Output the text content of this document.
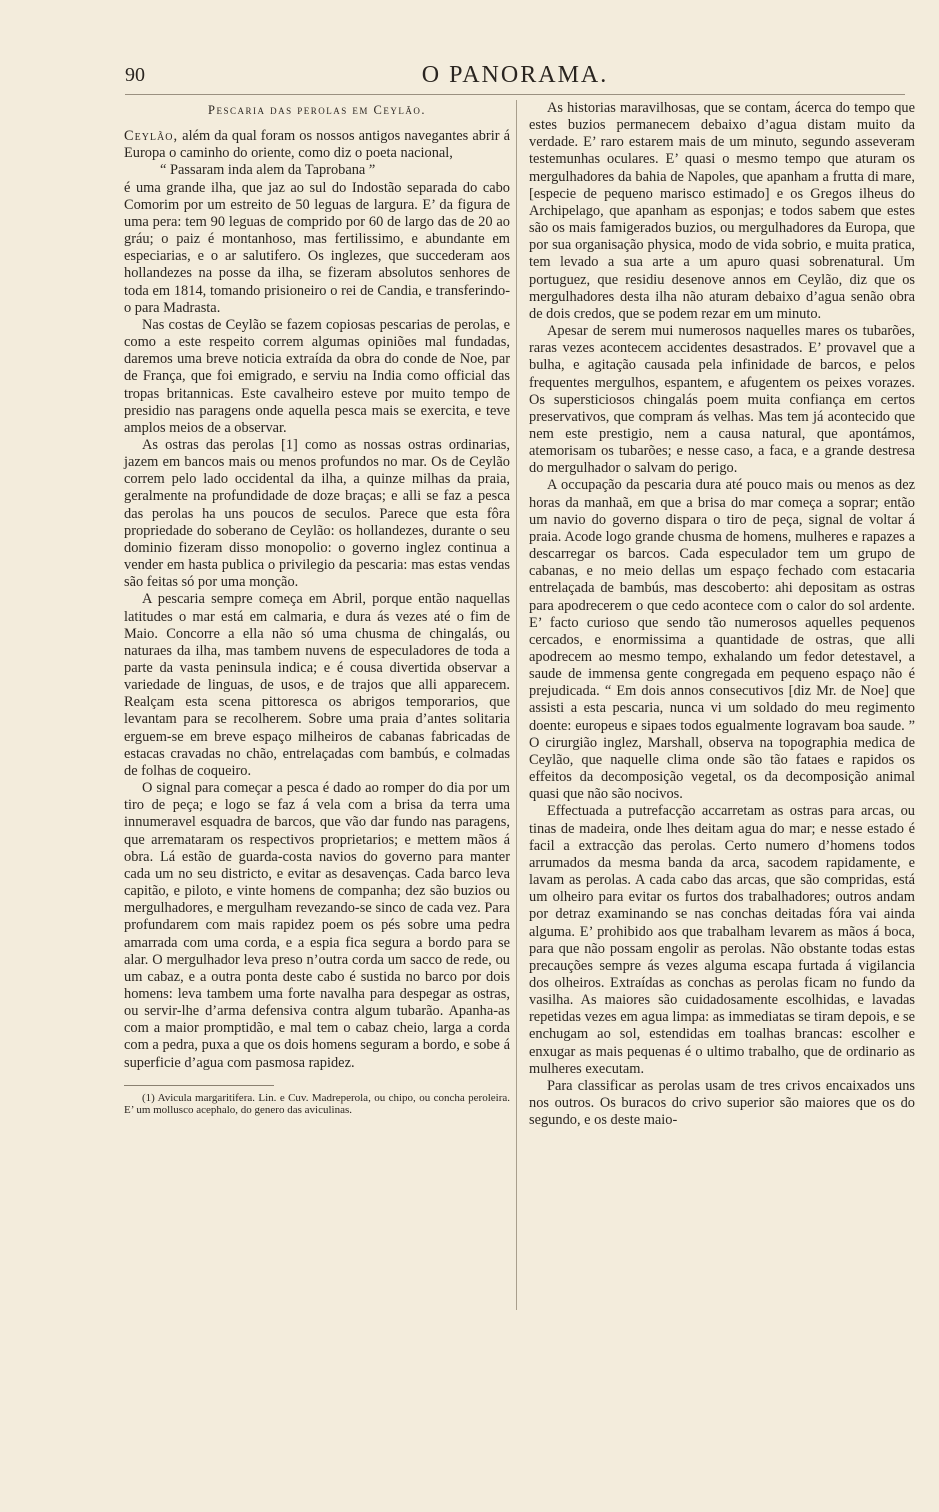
90	O PANORAMA.
Pescaria das perolas em Ceylão.

Ceylão, além da qual foram os nossos antigos navegantes abrir á Europa o caminho do oriente, como diz o poeta nacional,

“ Passaram inda alem da Taprobana ”

é uma grande ilha, que jaz ao sul do Indostão separada do cabo Comorim por um estreito de 50 leguas de largura. E’ da figura de uma pera: tem 90 leguas de comprido por 60 de largo das de 20 ao gráu; o paiz é montanhoso, mas fertilissimo, e abundante em especiarias, e o ar salutifero. Os inglezes, que succederam aos hollandezes na posse da ilha, se fizeram absolutos senhores de toda em 1814, tomando prisioneiro o rei de Candia, e transferindo-o para Madrasta.

Nas costas de Ceylão se fazem copiosas pescarias de perolas, e como a este respeito correm algumas opiniões mal fundadas, daremos uma breve noticia extraída da obra do conde de Noe, par de França, que foi emigrado, e serviu na India como official das tropas britannicas. Este cavalheiro esteve por muito tempo de presidio nas paragens onde aquella pesca mais se exercita, e teve amplos meios de a observar.

As ostras das perolas [1] como as nossas ostras ordinarias, jazem em bancos mais ou menos profundos no mar. Os de Ceylão correm pelo lado occidental da ilha, a quinze milhas da praia, geralmente na profundidade de doze braças; e alli se faz a pesca das perolas ha uns poucos de seculos. Parece que esta fôra propriedade do soberano de Ceylão: os hollandezes, durante o seu dominio fizeram disso monopolio: o governo inglez continua a vender em hasta publica o privilegio da pescaria: mas estas vendas são feitas só por uma monção.

A pescaria sempre começa em Abril, porque então naquellas latitudes o mar está em calmaria, e dura ás vezes até o fim de Maio. Concorre a ella não só uma chusma de chingalás, ou naturaes da ilha, mas tambem nuvens de especuladores de toda a parte da vasta peninsula indica; e é cousa divertida observar a variedade de linguas, de usos, e de trajos que alli apparecem. Realçam esta scena pittoresca os abrigos temporarios, que levantam para se recolherem. Sobre uma praia d’antes solitaria erguem-se em breve espaço milheiros de cabanas fabricadas de estacas cravadas no chão, entrelaçadas com bambús, e colmadas de folhas de coqueiro.

O signal para começar a pesca é dado ao romper do dia por um tiro de peça; e logo se faz á vela com a brisa da terra uma innumeravel esquadra de barcos, que vão dar fundo nas paragens, que arremataram os respectivos proprietarios; e mettem mãos á obra. Lá estão de guarda-costa navios do governo para manter cada um no seu districto, e evitar as desavenças. Cada barco leva capitão, e piloto, e vinte homens de companha; dez são buzios ou mergulhadores, e mergulham revezando-se sinco de cada vez. Para profundarem com mais rapidez poem os pés sobre uma pedra amarrada com uma corda, e a espia fica segura a bordo para se alar. O mergulhador leva preso n’outra corda um sacco de rede, ou um cabaz, e a outra ponta deste cabo é sustida no barco por dois homens: leva tambem uma forte navalha para despegar as ostras, ou servir-lhe d’arma defensiva contra algum tubarão. Apanha-as com a maior promptidão, e mal tem o cabaz cheio, larga a corda com a pedra, puxa a que os dois homens seguram a bordo, e sobe á superficie d’agua com pasmosa rapidez.

(1) Avicula margaritifera. Lin. e Cuv. Madreperola, ou chipo, ou concha peroleira. E’ um mollusco acephalo, do genero das aviculinas.

As historias maravilhosas, que se contam, ácerca do tempo que estes buzios permanecem debaixo d’agua distam muito da verdade. E’ raro estarem mais de um minuto, segundo asseveram testemunhas oculares. E’ quasi o mesmo tempo que aturam os mergulhadores da bahia de Napoles, que apanham a frutta di mare, [especie de pequeno marisco estimado] e os Gregos ilheus do Archipelago, que apanham as esponjas; e todos sabem que estes são os mais famigerados buzios, ou mergulhadores da Europa, que por sua organisação physica, modo de vida sobrio, e muita pratica, tem levado a sua arte a um apuro quasi sobrenatural. Um portuguez, que residiu desenove annos em Ceylão, diz que os mergulhadores desta ilha não aturam debaixo d’agua senão obra de dois credos, que se podem rezar em um minuto.

Apesar de serem mui numerosos naquelles mares os tubarões, raras vezes acontecem accidentes desastrados. E’ provavel que a bulha, e agitação causada pela infinidade de barcos, e pelos frequentes mergulhos, espantem, e afugentem os peixes vorazes. Os supersticiosos chingalás poem muita confiança em certos preservativos, que compram ás velhas. Mas tem já acontecido que nem este prestigio, nem a causa natural, que apontámos, atemorisam os tubarões; e nesse caso, a faca, e a grande destresa do mergulhador o salvam do perigo.

A occupação da pescaria dura até pouco mais ou menos as dez horas da manhaã, em que a brisa do mar começa a soprar; então um navio do governo dispara o tiro de peça, signal de voltar á praia. Acode logo grande chusma de homens, mulheres e rapazes a descarregar os barcos. Cada especulador tem um grupo de cabanas, e no meio dellas um espaço fechado com estacaria entrelaçada de bambús, mas descoberto: ahi depositam as ostras para apodrecerem o que cedo acontece com o calor do sol ardente. E’ facto curioso que sendo tão numerosos aquelles pequenos cercados, e enormissima a quantidade de ostras, que alli apodrecem ao mesmo tempo, exhalando um fedor detestavel, a saude de immensa gente congregada em pequeno espaço não é prejudicada. “ Em dois annos consecutivos [diz Mr. de Noe] que assisti a esta pescaria, nunca vi um soldado do meu regimento doente: europeus e sipaes todos egualmente logravam boa saude. ” O cirurgião inglez, Marshall, observa na topographia medica de Ceylão, que naquelle clima onde são tão fataes e rapidos os effeitos da decomposição vegetal, os da decomposição animal quasi que não são nocivos.

Effectuada a putrefacção accarretam as ostras para arcas, ou tinas de madeira, onde lhes deitam agua do mar; e nesse estado é facil a extracção das perolas. Certo numero d’homens todos arrumados da mesma banda da arca, sacodem rapidamente, e lavam as perolas. A cada cabo das arcas, que são compridas, está um olheiro para evitar os furtos dos trabalhadores; outros andam por detraz examinando se nas conchas deitadas fóra vai ainda alguma. E’ prohibido aos que trabalham levarem as mãos á boca, para que não possam engolir as perolas. Não obstante todas estas precauções sempre ás vezes alguma escapa furtada á vigilancia dos olheiros. Extraídas as conchas as perolas ficam no fundo da vasilha. As maiores são cuidadosamente escolhidas, e lavadas repetidas vezes em agua limpa: as immediatas se tiram depois, e se enchugam ao sol, estendidas em toalhas brancas: escolher e enxugar as mais pequenas é o ultimo trabalho, que de ordinario as mulheres executam.

Para classificar as perolas usam de tres crivos encaixados uns nos outros. Os buracos do crivo superior são maiores que os do segundo, e os deste maio-
